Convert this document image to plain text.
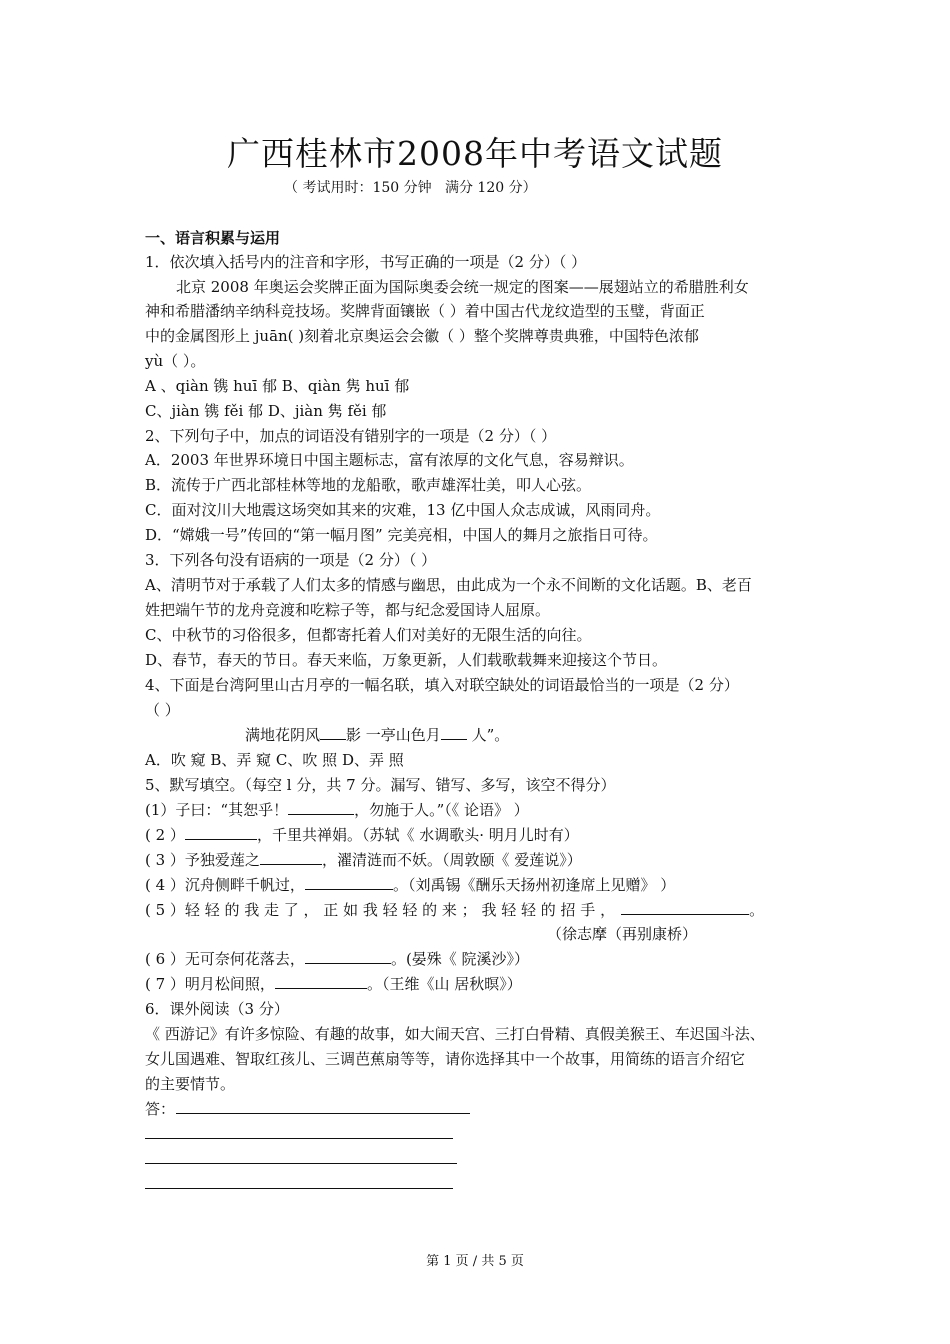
广西桂林市2008年中考语文试题
（ 考试用时：150 分钟   满分 120 分）
一、语言积累与运用
1．依次填入括号内的注音和字形，书写正确的一项是（2 分）（ ）
北京 2008 年奥运会奖牌正面为国际奥委会统一规定的图案——展翅站立的希腊胜利女
神和希腊潘纳辛纳科竞技场。奖牌背面镶嵌（ ）着中国古代龙纹造型的玉璧，背面正
中的金属图形上 juān( )刻着北京奥运会会徽（ ）整个奖牌尊贵典雅，中国特色浓郁
yù（ ）。
A 、qiàn 镌 huī 郁 B、qiàn 隽 huī 郁
C、jiàn 镌 fěi 郁 D、jiàn 隽 fěi 郁
2、下列句子中，加点的词语没有错别字的一项是（2 分）（ ）
A．2003 年世界环境日中国主题标志，富有浓厚的文化气息，容易辩识。
B．流传于广西北部桂林等地的龙船歌，歌声雄浑壮美，叩人心弦。
C．面对汶川大地震这场突如其来的灾难，13 亿中国人众志成诚，风雨同舟。
D．“嫦娥一号”传回的“第一幅月图” 完美亮相，中国人的舞月之旅指日可待。
3．下列各句没有语病的一项是（2 分）（ ）
A、清明节对于承载了人们太多的情感与幽思，由此成为一个永不间断的文化话题。B、老百
姓把端午节的龙舟竞渡和吃粽子等，都与纪念爱国诗人屈原。
C、中秋节的习俗很多，但都寄托着人们对美好的无限生活的向往。
D、春节，春天的节日。春天来临，万象更新，人们载歌载舞来迎接这个节日。
4、下面是台湾阿里山古月亭的一幅名联，填入对联空缺处的词语最恰当的一项是（2 分）
（ ）
满地花阴风 影 一亭山色月 人”。
A．吹 窥 B、弄 窥 C、吹 照 D、弄 照
5、默写填空。（每空 l 分，共 7 分。漏写、错写、多写，该空不得分）
(1）子曰：“其恕乎！	，勿施于人。”（《 论语》 ）
( 2 ）	，千里共禅娟。（苏轼《 水调歌头· 明月儿时有）
( 3 ）予独爱莲之	，濯清涟而不妖。（周敦颐《 爱莲说》）
( 4 ）沉舟侧畔千帆过，	。（刘禹锡《酬乐天扬州初逢席上见赠》 ）
( 5 ）轻 轻 的 我 走 了 ， 正 如 我 轻 轻 的 来 ； 我 轻 轻 的 招 手 ，	。
（徐志摩（再别康桥）
( 6 ）无可奈何花落去，	。(晏殊《 院溪沙》）
( 7 ）明月松间照，	。（王维《山 居秋暝》）
6．课外阅读（3 分）
《 西游记》有许多惊险、有趣的故事，如大闹天宫、三打白骨精、真假美猴王、车迟国斗法、
女儿国遇难、智取红孩儿、三调芭蕉扇等等，请你选择其中一个故事，用简练的语言介绍它
的主要情节。
答：
第 1 页 / 共 5 页
